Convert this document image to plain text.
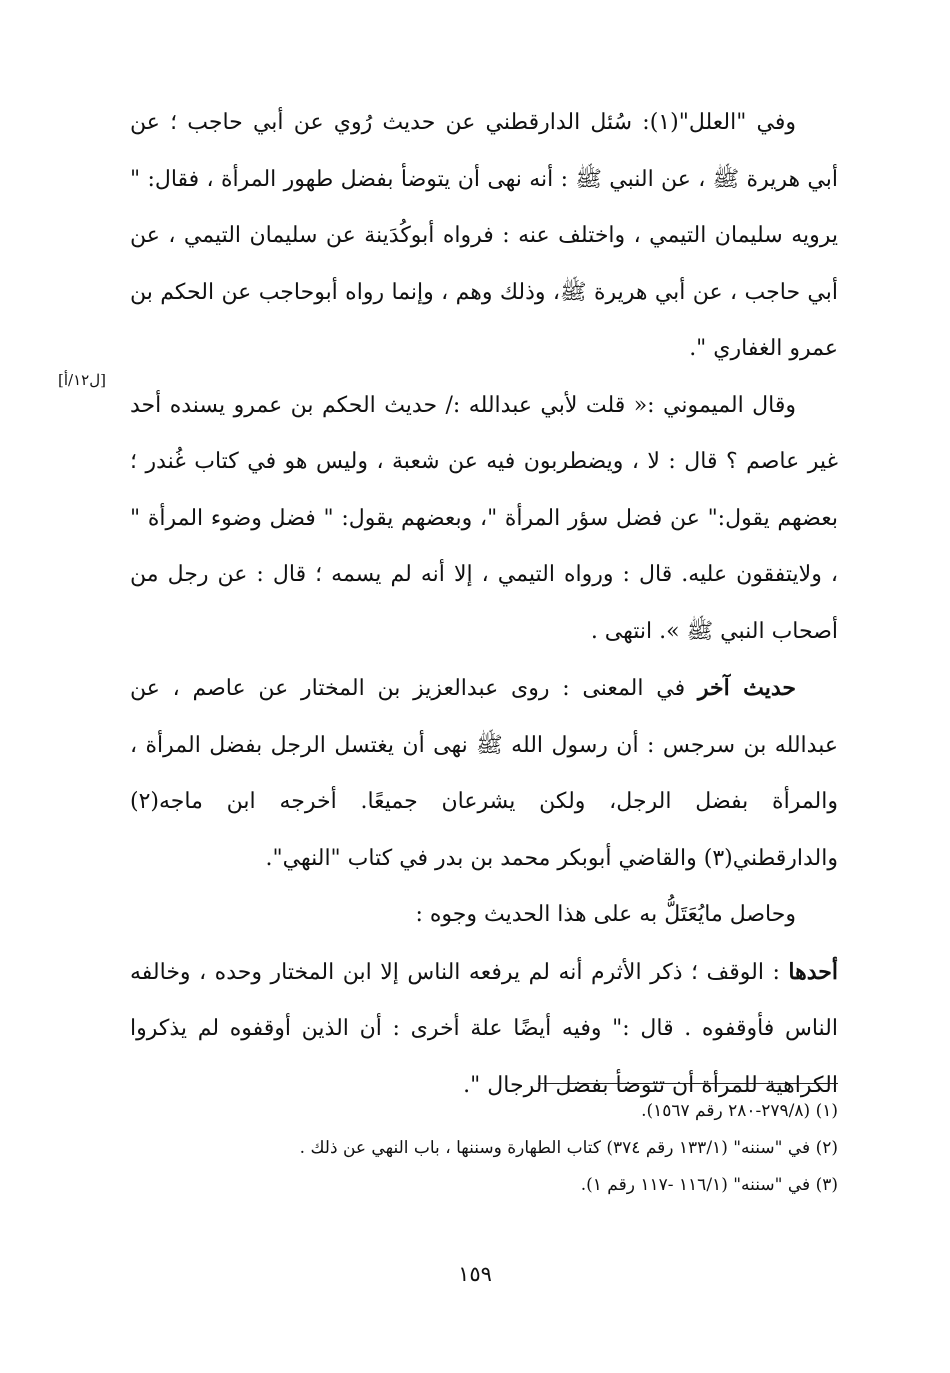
وفي "العلل"(١): سُئل الدارقطني عن حديث رُوي عن أبي حاجب ؛ عن أبي هريرة ﷺ ، عن النبي ﷺ : أنه نهى أن يتوضأ بفضل طهور المرأة ، فقال: " يرويه سليمان التيمي ، واختلف عنه : فرواه أبوكُدَينة عن سليمان التيمي ، عن أبي حاجب ، عن أبي هريرة ﷺ، وذلك وهم ، وإنما رواه أبوحاجب عن الحكم بن عمرو الغفاري ".

وقال الميموني :« قلت لأبي عبدالله :/ حديث الحكم بن عمرو يسنده أحد غير عاصم ؟ قال : لا ، ويضطربون فيه عن شعبة ، وليس هو في كتاب غُندر ؛ بعضهم يقول:" عن فضل سؤر المرأة "، وبعضهم يقول: " فضل وضوء المرأة " ، ولايتفقون عليه. قال : ورواه التيمي ، إلا أنه لم يسمه ؛ قال : عن رجل من أصحاب النبي ﷺ ». انتهى .

حديث آخر في المعنى : روى عبدالعزيز بن المختار عن عاصم ، عن عبدالله بن سرجس : أن رسول الله ﷺ نهى أن يغتسل الرجل بفضل المرأة ، والمرأة بفضل الرجل، ولكن يشرعان جميعًا. أخرجه ابن ماجه(٢) والدارقطني(٣) والقاضي أبوبكر محمد بن بدر في كتاب "النهي".

وحاصل مايُعَتَلُّ به على هذا الحديث وجوه :

أحدها : الوقف ؛ ذكر الأثرم أنه لم يرفعه الناس إلا ابن المختار وحده ، وخالفه الناس فأوقفوه . قال :" وفيه أيضًا علة أخرى : أن الذين أوقفوه لم يذكروا الكراهية للمرأة أن تتوضأ بفضل الرجال ".

[ل١٢/أ]

(١) (٢٧٩/٨-٢٨٠ رقم ١٥٦٧).

(٢) في "سننه" (١٣٣/١ رقم ٣٧٤) كتاب الطهارة وسننها ، باب النهي عن ذلك .

(٣) في "سننه" (١١٦/١ -١١٧ رقم ١).

١٥٩
